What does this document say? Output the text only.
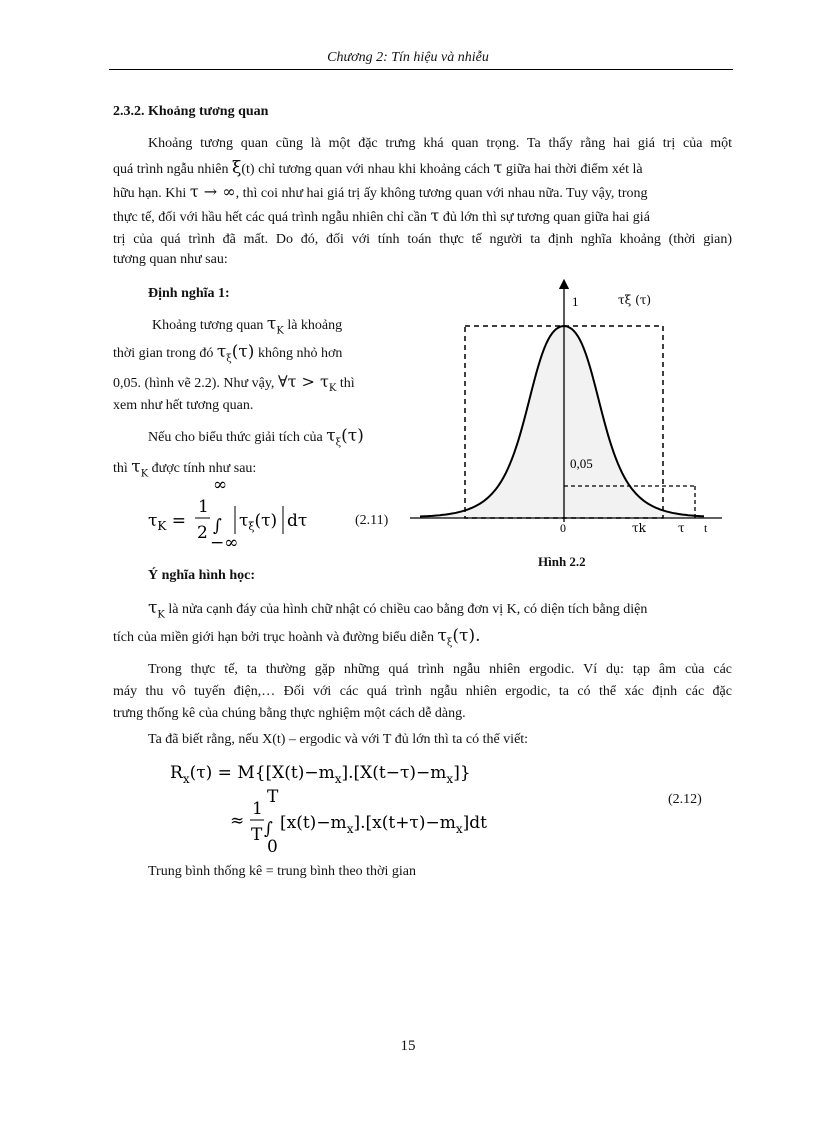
Chương 2: Tín hiệu và nhiễu
2.3.2. Khoảng tương quan
Khoảng tương quan cũng là một đặc trưng khá quan trọng. Ta thấy rằng hai giá trị của một
quá trình ngẫu nhiên ξ(t) chỉ tương quan với nhau khi khoảng cách τ giữa hai thời điểm xét là
hữu hạn. Khi τ → ∞, thì coi như hai giá trị ấy không tương quan với nhau nữa. Tuy vậy, trong
thực tế, đối với hầu hết các quá trình ngẫu nhiên chỉ cần τ đủ lớn thì sự tương quan giữa hai giá
trị của quá trình đã mất. Do đó, đối với tính toán thực tế người ta định nghĩa khoảng (thời gian)
tương quan như sau:
Định nghĩa 1:
Khoảng tương quan $\tau_K$ là khoảng
thời gian trong đó $\tau_\xi(\tau)$ không nhỏ hơn
0,05. (hình vẽ 2.2). Như vậy, ∀τ > $\tau_K$ thì
xem như hết tương quan.
Nếu cho biểu thức giải tích của $\tau_\xi(\tau)$
thì $\tau_K$ được tính như sau:
$\tau_K$ =
1
2
∞
∫
−∞
$\tau_\xi(\tau)$ dτ	(2.11)
1	τξ (τ)
0,05
0	τk	τ t
Hình 2.2
Ý nghĩa hình học:
$\tau_K$ là nửa cạnh đáy của hình chữ nhật có chiều cao bằng đơn vị K, có diện tích bằng diện
tích của miền giới hạn bởi trục hoành và đường biểu diễn $\tau_\xi(\tau)$.
Trong thực tế, ta thường gặp những quá trình ngẫu nhiên ergodic. Ví dụ: tạp âm của các
máy thu vô tuyến điện,… Đối với các quá trình ngẫu nhiên ergodic, ta có thể xác định các đặc
trưng thống kê của chúng bằng thực nghiệm một cách dễ dàng.
Ta đã biết rằng, nếu X(t) – ergodic và với T đủ lớn thì ta có thể viết:
$R_x(\tau) = M\{[X(t)-m_x].[X(t-\tau)-m_x]\}$
≈
1
T
T
∫
0
$[x(t)-m_x].[x(t+\tau)-m_x]dt$
(2.12)
Trung bình thống kê = trung bình theo thời gian
15
